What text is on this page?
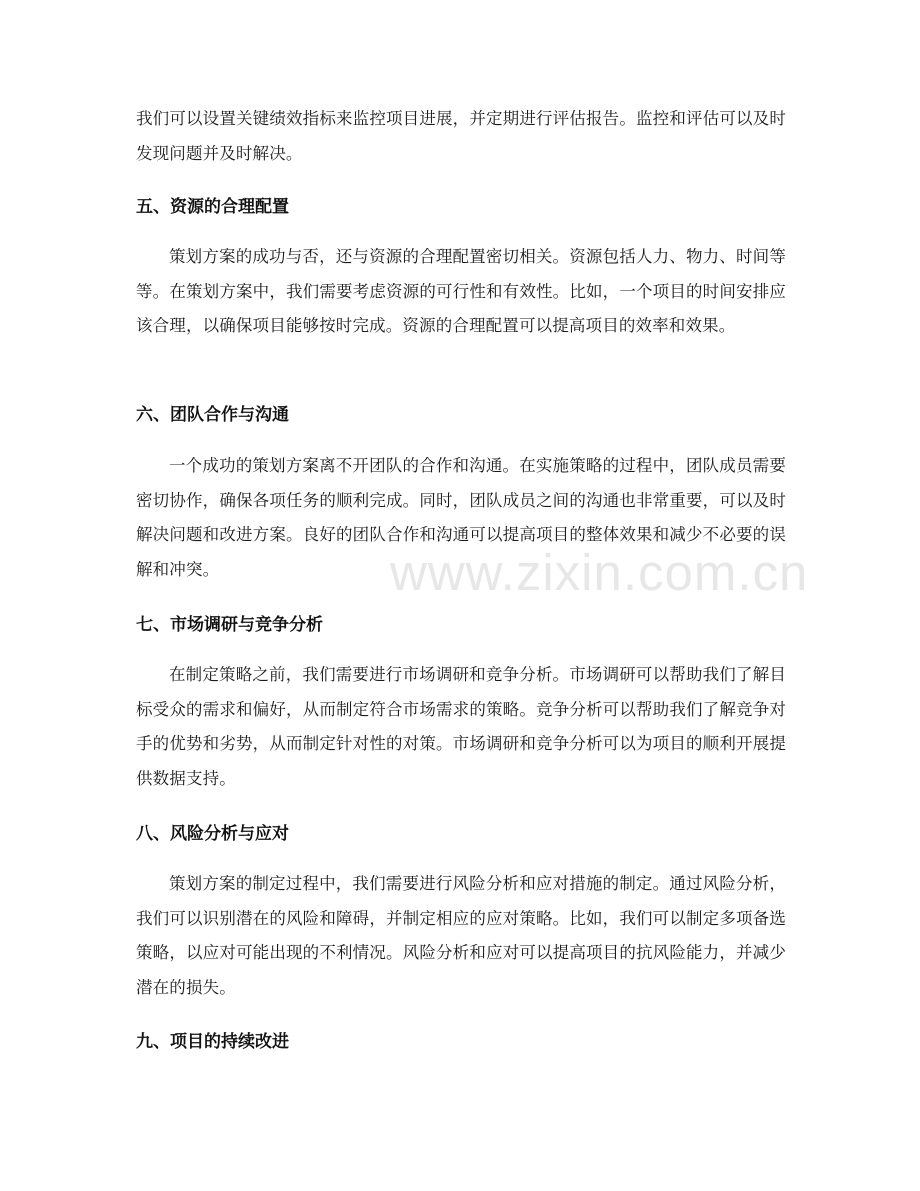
www.zixin.com.cn

我们可以设置关键绩效指标来监控项目进展，并定期进行评估报告。监控和评估可以及时发现问题并及时解决。

五、资源的合理配置

策划方案的成功与否，还与资源的合理配置密切相关。资源包括人力、物力、时间等等。在策划方案中，我们需要考虑资源的可行性和有效性。比如，一个项目的时间安排应该合理，以确保项目能够按时完成。资源的合理配置可以提高项目的效率和效果。

六、团队合作与沟通

一个成功的策划方案离不开团队的合作和沟通。在实施策略的过程中，团队成员需要密切协作，确保各项任务的顺利完成。同时，团队成员之间的沟通也非常重要，可以及时解决问题和改进方案。良好的团队合作和沟通可以提高项目的整体效果和减少不必要的误解和冲突。

七、市场调研与竞争分析

在制定策略之前，我们需要进行市场调研和竞争分析。市场调研可以帮助我们了解目标受众的需求和偏好，从而制定符合市场需求的策略。竞争分析可以帮助我们了解竞争对手的优势和劣势，从而制定针对性的对策。市场调研和竞争分析可以为项目的顺利开展提供数据支持。

八、风险分析与应对

策划方案的制定过程中，我们需要进行风险分析和应对措施的制定。通过风险分析，我们可以识别潜在的风险和障碍，并制定相应的应对策略。比如，我们可以制定多项备选策略，以应对可能出现的不利情况。风险分析和应对可以提高项目的抗风险能力，并减少潜在的损失。

九、项目的持续改进
